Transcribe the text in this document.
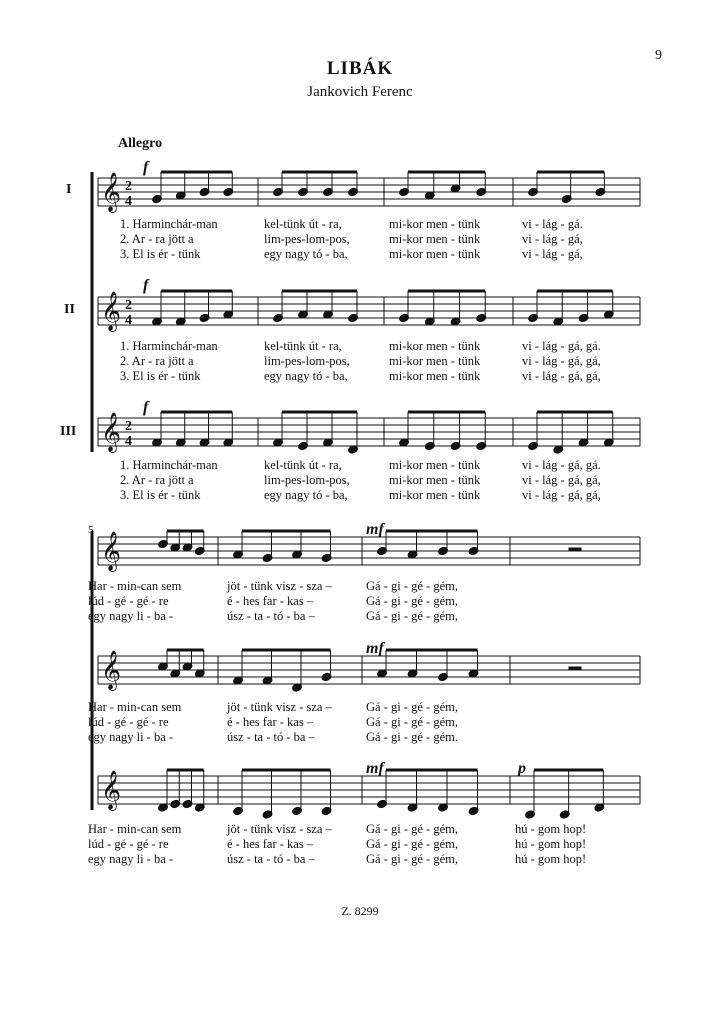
LIBÁK
Jankovich Ferenc
9
Allegro
I
II
III
f
f
f
mf
mf
mf	p
𝄞
𝄞
𝄞
𝄞
𝄞
𝄞
2
4
2
4
2
4
5
1. Harminchár-man	kel-tünk út - ra,	mi-kor men - tünk	vi - lág - gá.
2. Ar - ra jött a	lim-pes-lom-pos,	mi-kor men - tünk	vi - lág - gá,
3. El is ér - tünk	egy nagy tó - ba,	mi-kor men - tünk	vi - lág - gá,
1. Harminchár-man	kel-tünk út - ra,	mi-kor men - tünk	vi - lág - gá, gá.
2. Ar - ra jött a	lim-pes-lom-pos,	mi-kor men - tünk	vi - lág - gá, gá,
3. El is ér - tünk	egy nagy tó - ba,	mi-kor men - tünk	vi - lág - gá, gá,
1. Harminchár-man	kel-tünk út - ra,	mi-kor men - tünk	vi - lág - gá, gá.
2. Ar - ra jött a	lim-pes-lom-pos,	mi-kor men - tünk	vi - lág - gá, gá,
3. El is ér - tünk	egy nagy tó - ba,	mi-kor men - tünk	vi - lág - gá, gá,
Har - min-can sem	jöt - tünk visz - sza –	Gá - gi - gé - gém,
lúd - gé - gé - re	é - hes far - kas –	Gá - gi - gé - gém,
egy nagy li - ba -	úsz - ta - tó - ba –	Gá - gi - gé - gém,
Har - min-can sem	jöt - tünk visz - sza –	Gá - gi - gé - gém,
lúd - gé - gé - re	é - hes far - kas –	Gá - gi - gé - gém,
egy nagy li - ba -	úsz - ta - tó - ba –	Gá - gi - gé - gém.
Har - min-can sem	jöt - tünk visz - sza –	Gá - gi - gé - gém,	hú - gom hop!
lúd - gé - gé - re	é - hes far - kas –	Gá - gi - gé - gém,	hú - gom hop!
egy nagy li - ba -	úsz - ta - tó - ba –	Gá - gi - gé - gém,	hú - gom hop!
Z. 8299
